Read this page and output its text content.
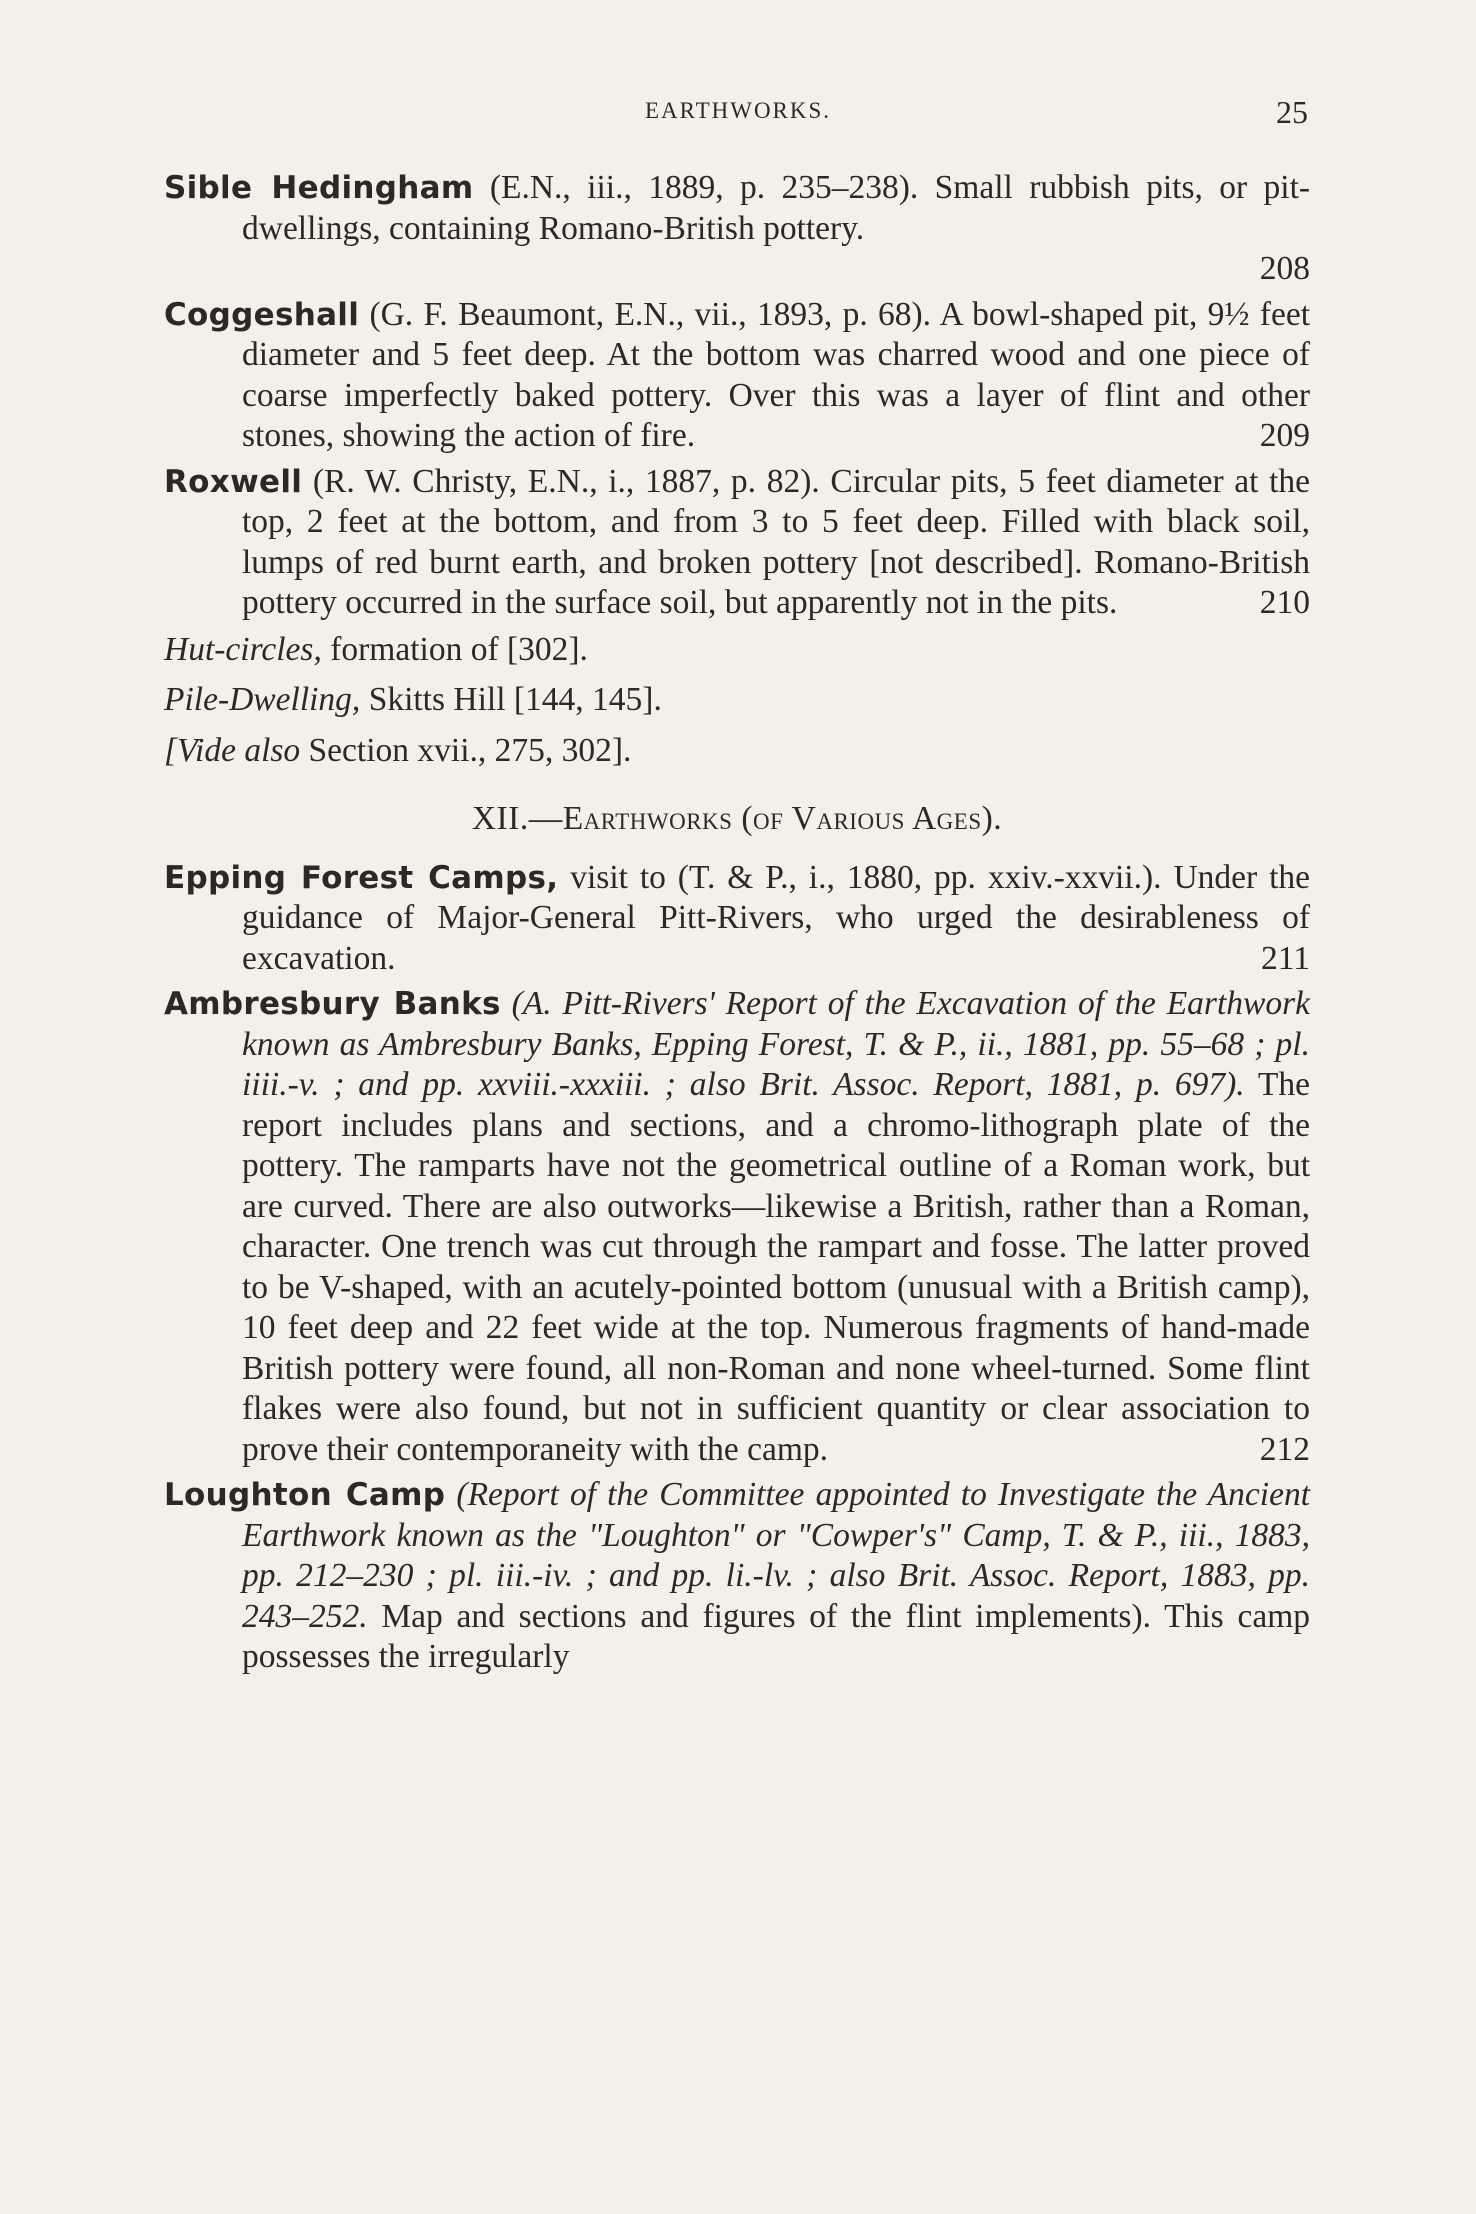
EARTHWORKS.	25

Sible Hedingham (E.N., iii., 1889, p. 235–238). Small rubbish pits, or pit-dwellings, containing Romano-British pottery.
208

Coggeshall (G. F. Beaumont, E.N., vii., 1893, p. 68). A bowl-shaped pit, 9½ feet diameter and 5 feet deep. At the bottom was charred wood and one piece of coarse imperfectly baked pottery. Over this was a layer of flint and other stones, showing the action of fire.	209

Roxwell (R. W. Christy, E.N., i., 1887, p. 82). Circular pits, 5 feet diameter at the top, 2 feet at the bottom, and from 3 to 5 feet deep. Filled with black soil, lumps of red burnt earth, and broken pottery [not described]. Romano-British pottery occurred in the surface soil, but apparently not in the pits.	210

Hut-circles, formation of [302].
Pile-Dwelling, Skitts Hill [144, 145].
[Vide also Section xvii., 275, 302].
XII.—Earthworks (of Various Ages).

Epping Forest Camps, visit to (T. & P., i., 1880, pp. xxiv.-xxvii.). Under the guidance of Major-General Pitt-Rivers, who urged the desirableness of excavation.	211

Ambresbury Banks (A. Pitt-Rivers' Report of the Excavation of the Earthwork known as Ambresbury Banks, Epping Forest, T. & P., ii., 1881, pp. 55–68 ; pl. iiii.-v. ; and pp. xxviii.-xxxiii. ; also Brit. Assoc. Report, 1881, p. 697). The report includes plans and sections, and a chromo-lithograph plate of the pottery. The ramparts have not the geometrical outline of a Roman work, but are curved. There are also outworks—likewise a British, rather than a Roman, character. One trench was cut through the rampart and fosse. The latter proved to be V-shaped, with an acutely-pointed bottom (unusual with a British camp), 10 feet deep and 22 feet wide at the top. Numerous fragments of hand-made British pottery were found, all non-Roman and none wheel-turned. Some flint flakes were also found, but not in sufficient quantity or clear association to prove their contemporaneity with the camp.	212

Loughton Camp (Report of the Committee appointed to Investigate the Ancient Earthwork known as the "Loughton" or "Cowper's" Camp, T. & P., iii., 1883, pp. 212–230 ; pl. iii.-iv. ; and pp. li.-lv. ; also Brit. Assoc. Report, 1883, pp. 243–252. Map and sections and figures of the flint implements). This camp possesses the irregularly
